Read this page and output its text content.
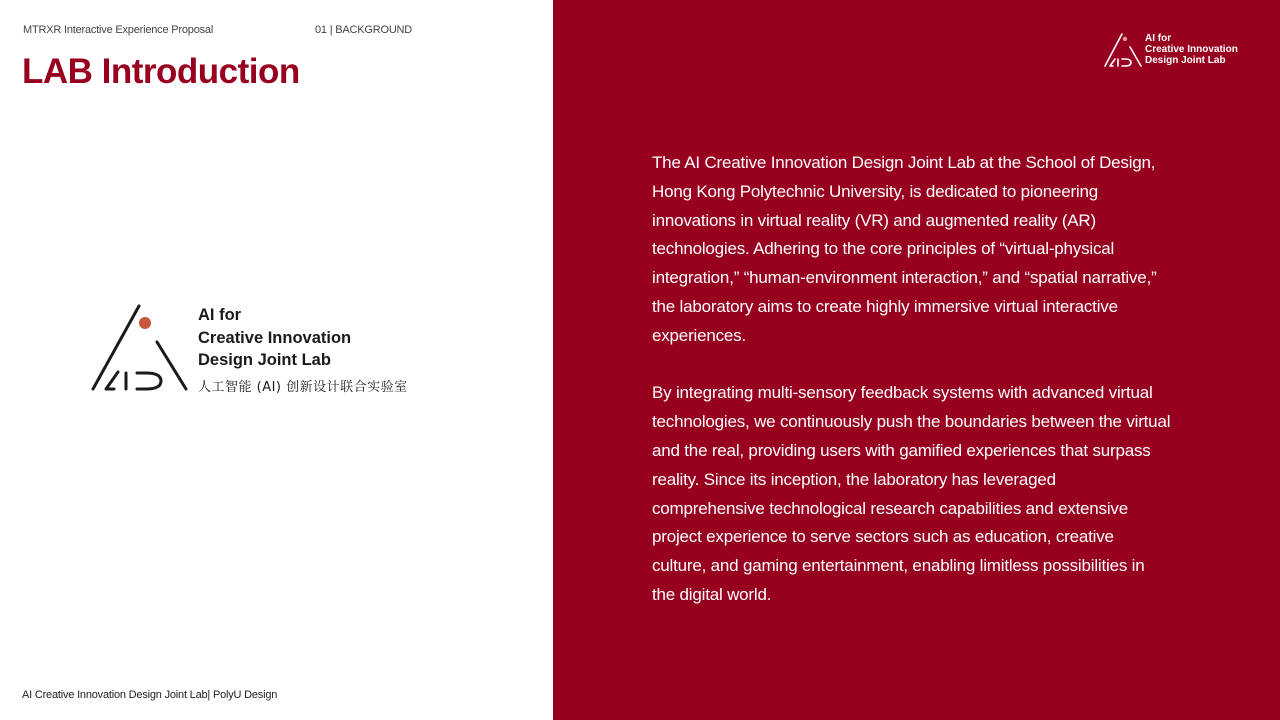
MTRXR Interactive Experience Proposal	01 | BACKGROUND
LAB Introduction
AI for
Creative Innovation
Design Joint Lab
人工智能 (AI) 创新设计联合实验室
AI Creative Innovation Design Joint Lab| PolyU Design
AI for
Creative Innovation
Design Joint Lab

The AI Creative Innovation Design Joint Lab at the School of Design, Hong Kong Polytechnic University, is dedicated to pioneering innovations in virtual reality (VR) and augmented reality (AR) technologies. Adhering to the core principles of “virtual-physical integration,” “human-environment interaction,” and “spatial narrative,” the laboratory aims to create highly immersive virtual interactive experiences.

By integrating multi-sensory feedback systems with advanced virtual technologies, we continuously push the boundaries between the virtual and the real, providing users with gamified experiences that surpass reality. Since its inception, the laboratory has leveraged comprehensive technological research capabilities and extensive project experience to serve sectors such as education, creative culture, and gaming entertainment, enabling limitless possibilities in the digital world.
